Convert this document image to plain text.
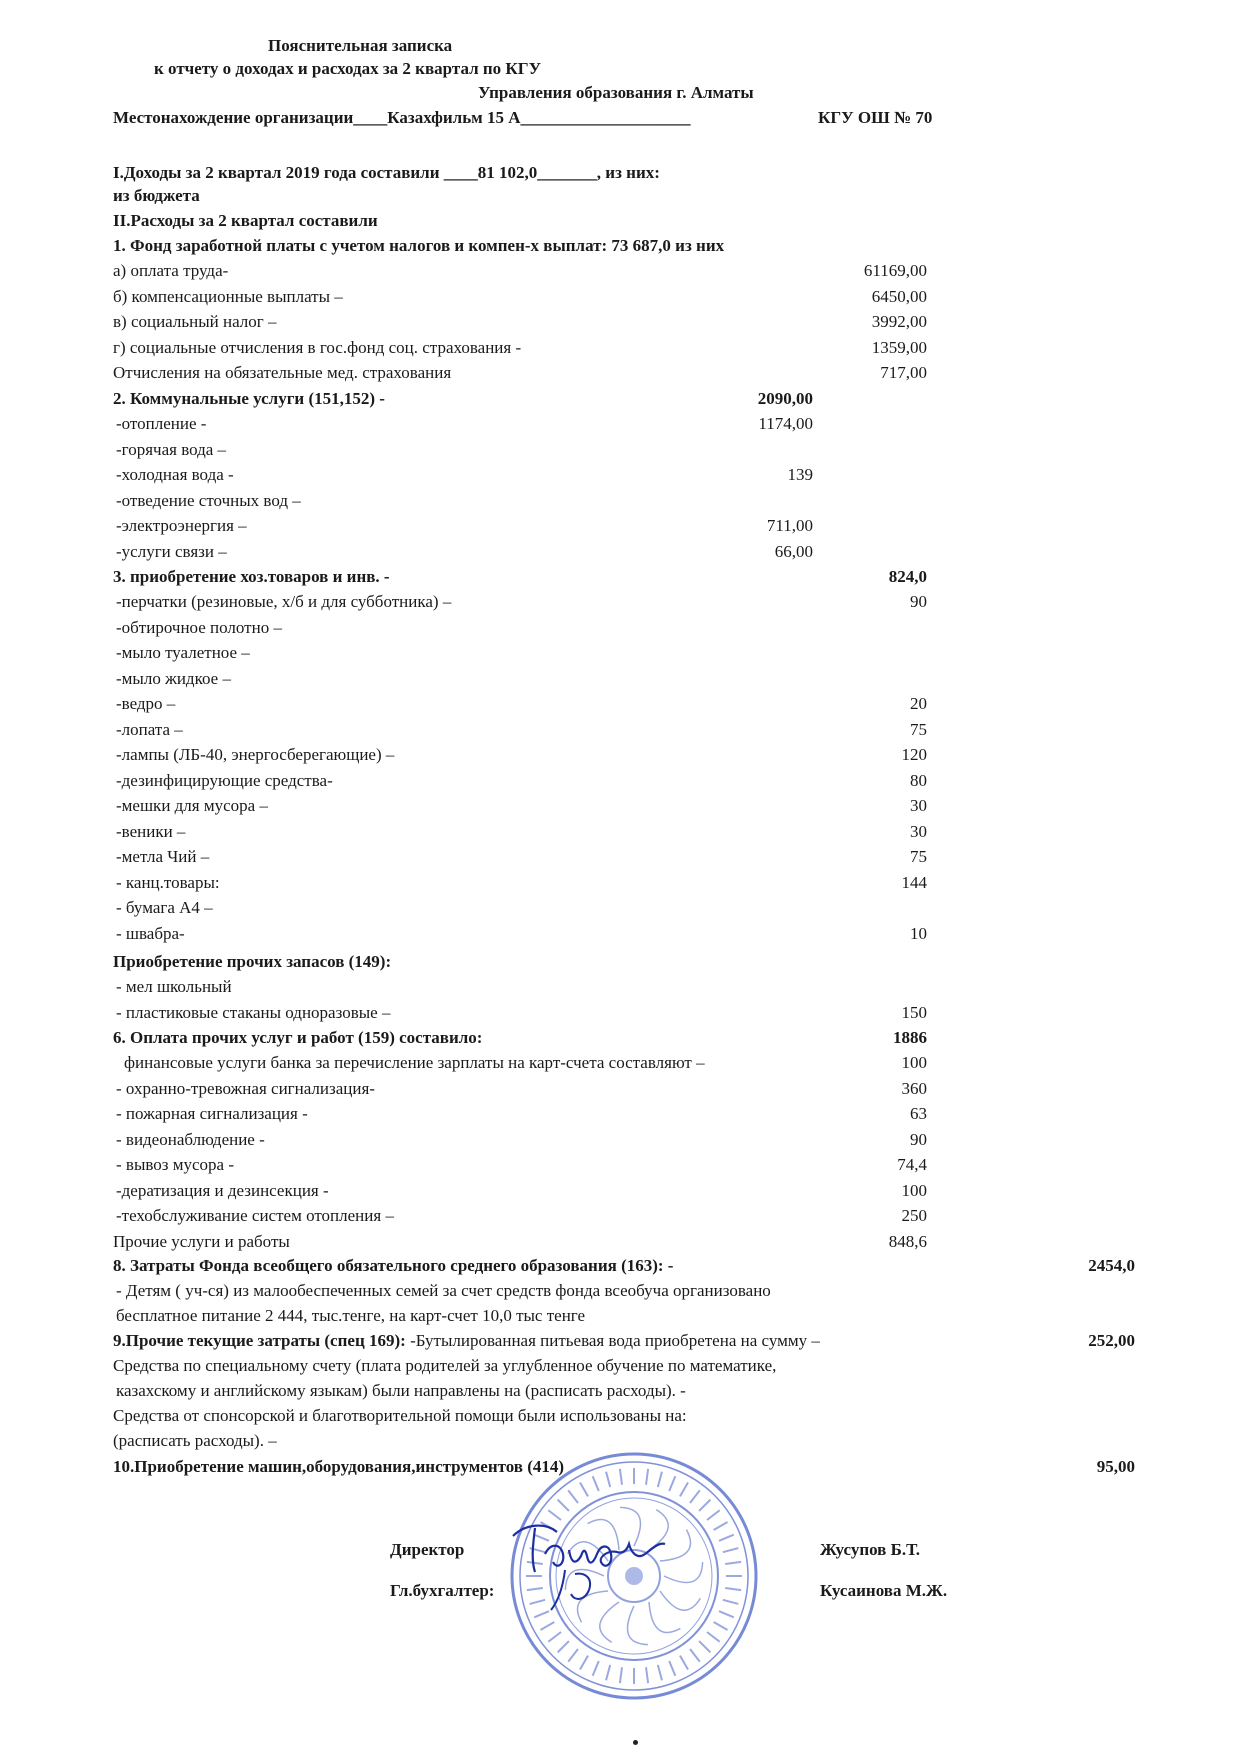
Пояснительная записка
к отчету о доходах и расходах за 2 квартал по КГУ
Управления образования г. Алматы
Местонахождение организации____Казахфильм 15 А____________________	КГУ ОШ № 70
I.Доходы за 2 квартал 2019 года составили ____81 102,0_______, из них:
из бюджета
II.Расходы за 2 квартал составили
1. Фонд заработной платы с учетом налогов и компен-х выплат: 73 687,0 из них
а) оплата труда-	61169,00
б) компенсационные выплаты –	6450,00
в) социальный налог –	3992,00
г) социальные отчисления в гос.фонд соц. страхования -	1359,00
Отчисления на обязательные мед. страхования	717,00
2. Коммунальные услуги (151,152) -	2090,00
-отопление -	1174,00
-горячая вода –
-холодная вода -	139
-отведение сточных вод –
-электроэнергия –	711,00
-услуги связи –	66,00
3. приобретение хоз.товаров и инв. -	824,0
-перчатки (резиновые, х/б и для субботника) –	90
-обтирочное полотно –
-мыло туалетное –
-мыло жидкое –
-ведро –	20
-лопата –	75
-лампы (ЛБ-40, энергосберегающие) –	120
-дезинфицирующие средства-	80
-мешки для мусора –	30
-веники –	30
-метла Чий –	75
- канц.товары:	144
- бумага А4 –
- швабра-	10
Приобретение прочих запасов (149):
- мел школьный
- пластиковые стаканы одноразовые –	150
6. Оплата прочих услуг и работ (159) составило:	1886
финансовые услуги банка за перечисление зарплаты на карт-счета составляют –	100
- охранно-тревожная сигнализация-	360
- пожарная сигнализация -	63
- видеонаблюдение -	90
- вывоз мусора -	74,4
-дератизация и дезинсекция -	100
-техобслуживание систем отопления –	250
Прочие услуги и работы	848,6
8. Затраты Фонда всеобщего обязательного среднего образования (163): -	2454,0
- Детям ( уч-ся) из малообеспеченных семей за счет средств фонда всеобуча организовано
бесплатное питание 2 444, тыс.тенге, на карт-счет 10,0 тыс тенге
9.Прочие текущие затраты (спец 169): -Бутылированная питьевая вода приобретена на сумму –	252,00
Средства по специальному счету (плата родителей за углубленное обучение по математике,
казахскому и английскому языкам) были направлены на (расписать расходы). -
Средства от спонсорской и благотворительной помощи были использованы на:
(расписать расходы). –
10.Приобретение машин,оборудования,инструментов (414)	95,00
Директор	Жусупов Б.Т.
Гл.бухгалтер:	Кусаинова М.Ж.
